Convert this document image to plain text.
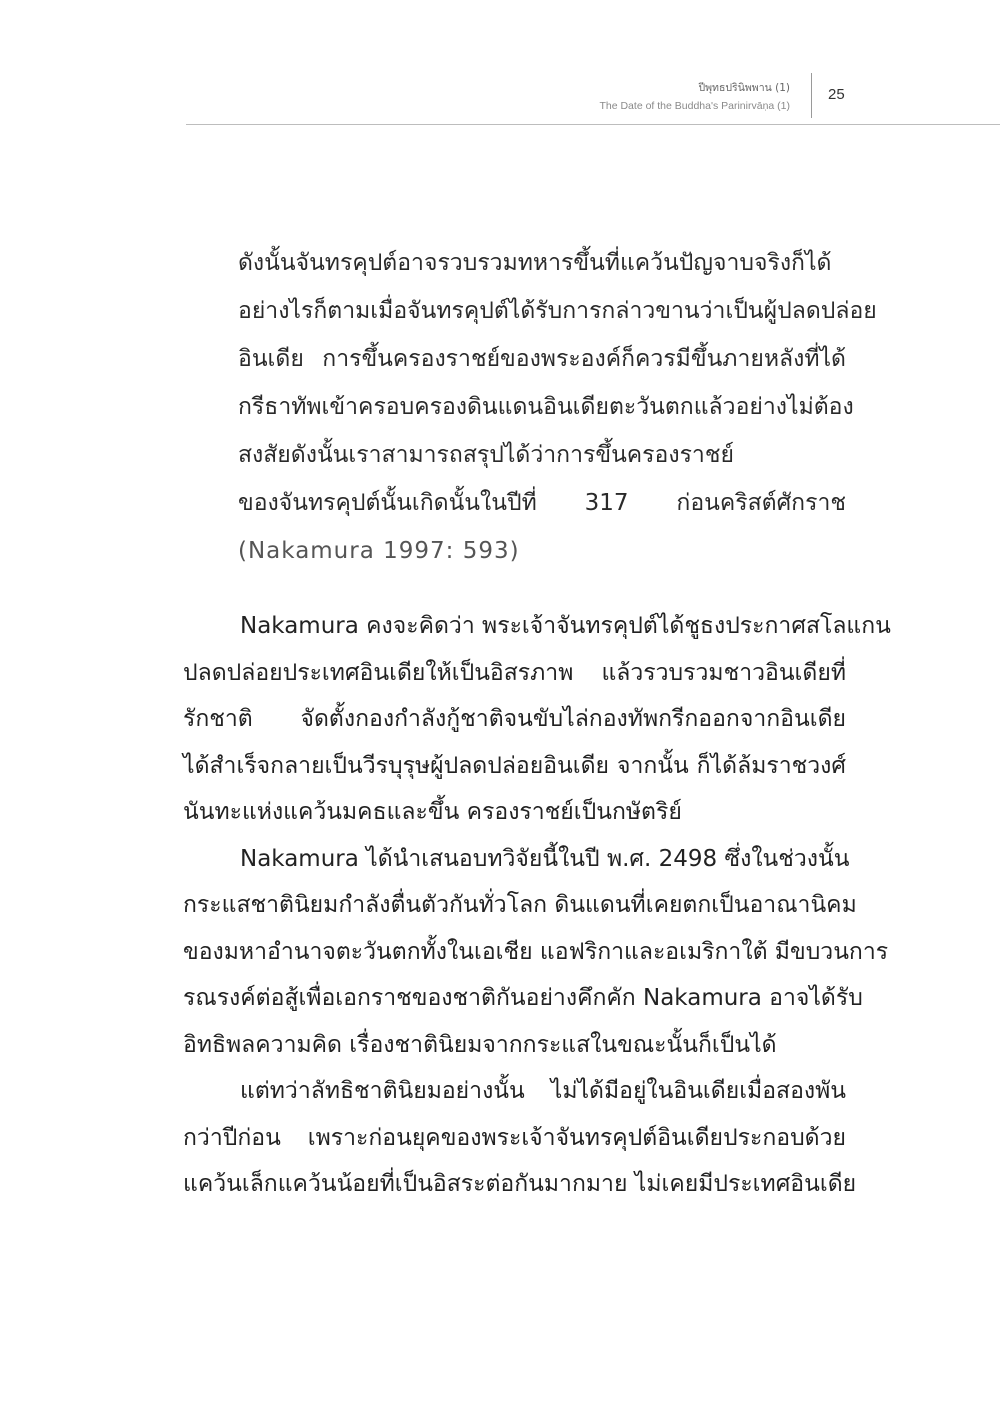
ปีพุทธปรินิพพาน (1)
The Date of the Buddha's Parinirvāṇa (1)
25
ดังนั้นจันทรคุปต์อาจรวบรวมทหารขึ้นที่แคว้นปัญจาบจริงก็ได้
อย่างไรก็ตามเมื่อจันทรคุปต์ได้รับการกล่าวขานว่าเป็นผู้ปลดปล่อย
อินเดีย การขึ้นครองราชย์ของพระองค์ก็ควรมีขึ้นภายหลังที่ได้
กรีธาทัพเข้าครอบครองดินแดนอินเดียตะวันตกแล้วอย่างไม่ต้อง
สงสัยดังนั้นเราสามารถสรุปได้ว่าการขึ้นครองราชย์
ของจันทรคุปต์นั้นเกิดนั้นในปีที่ 317 ก่อนคริสต์ศักราช
(Nakamura 1997: 593)
Nakamura คงจะคิดว่า พระเจ้าจันทรคุปต์ได้ชูธงประกาศสโลแกน
ปลดปล่อยประเทศอินเดียให้เป็นอิสรภาพ แล้วรวบรวมชาวอินเดียที่
รักชาติ จัดตั้งกองกำลังกู้ชาติจนขับไล่กองทัพกรีกออกจากอินเดีย
ได้สำเร็จกลายเป็นวีรบุรุษผู้ปลดปล่อยอินเดีย จากนั้น ก็ได้ล้มราชวงศ์
นันทะแห่งแคว้นมคธและขึ้น ครองราชย์เป็นกษัตริย์
Nakamura ได้นำเสนอบทวิจัยนี้ในปี พ.ศ. 2498 ซึ่งในช่วงนั้น
กระแสชาตินิยมกำลังตื่นตัวกันทั่วโลก ดินแดนที่เคยตกเป็นอาณานิคม
ของมหาอำนาจตะวันตกทั้งในเอเชีย แอฟริกาและอเมริกาใต้ มีขบวนการ
รณรงค์ต่อสู้เพื่อเอกราชของชาติกันอย่างคึกคัก Nakamura อาจได้รับ
อิทธิพลความคิด เรื่องชาตินิยมจากกระแสในขณะนั้นก็เป็นได้
แต่ทว่าลัทธิชาตินิยมอย่างนั้น ไม่ได้มีอยู่ในอินเดียเมื่อสองพัน
กว่าปีก่อน เพราะก่อนยุคของพระเจ้าจันทรคุปต์อินเดียประกอบด้วย
แคว้นเล็กแคว้นน้อยที่เป็นอิสระต่อกันมากมาย ไม่เคยมีประเทศอินเดีย
